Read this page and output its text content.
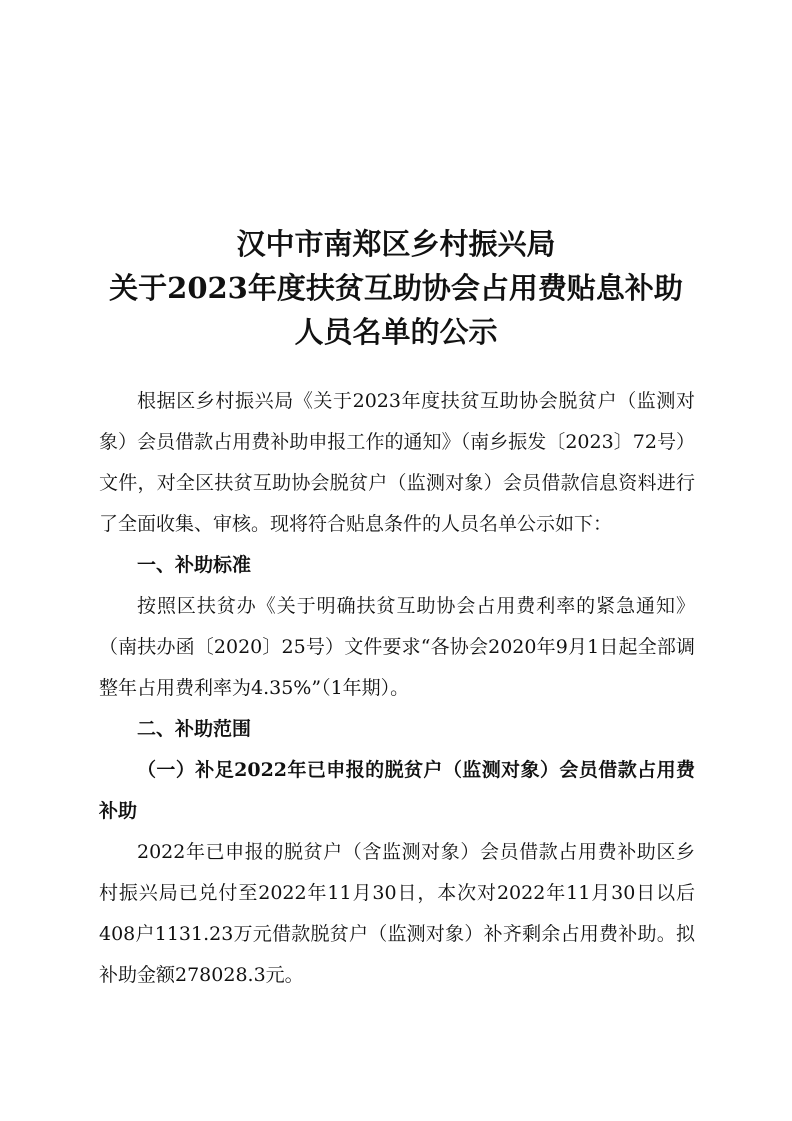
汉中市南郑区乡村振兴局
关于2023年度扶贫互助协会占用费贴息补助
人员名单的公示

根据区乡村振兴局《关于2023年度扶贫互助协会脱贫户（监测对象）会员借款占用费补助申报工作的通知》（南乡振发〔2023〕72号）文件，对全区扶贫互助协会脱贫户（监测对象）会员借款信息资料进行了全面收集、审核。现将符合贴息条件的人员名单公示如下：

一、补助标准

按照区扶贫办《关于明确扶贫互助协会占用费利率的紧急通知》（南扶办函〔2020〕25号）文件要求“各协会2020年9月1日起全部调整年占用费利率为4.35%”（1年期）。

二、补助范围

（一）补足2022年已申报的脱贫户（监测对象）会员借款占用费补助

2022年已申报的脱贫户（含监测对象）会员借款占用费补助区乡村振兴局已兑付至2022年11月30日，本次对2022年11月30日以后408户1131.23万元借款脱贫户（监测对象）补齐剩余占用费补助。拟补助金额278028.3元。
